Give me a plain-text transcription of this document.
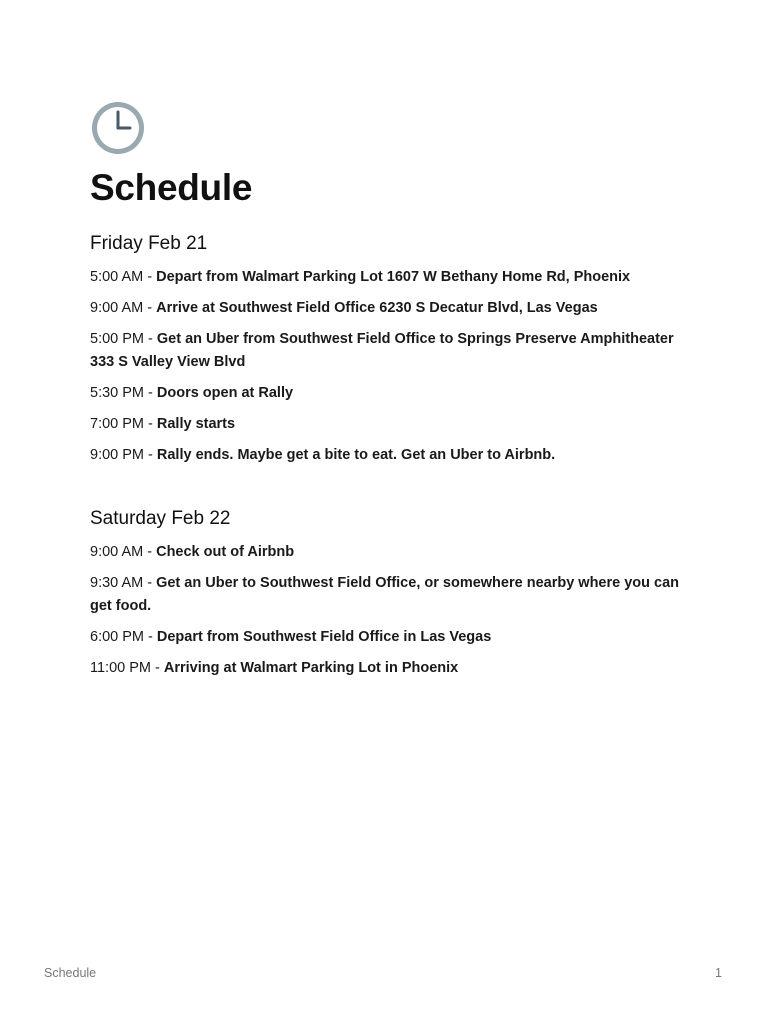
Schedule
Friday Feb 21

5:00 AM - Depart from Walmart Parking Lot 1607 W Bethany Home Rd, Phoenix

9:00 AM - Arrive at Southwest Field Office 6230 S Decatur Blvd, Las Vegas

5:00 PM - Get an Uber from Southwest Field Office to Springs Preserve Amphitheater 333 S Valley View Blvd

5:30 PM - Doors open at Rally

7:00 PM - Rally starts

9:00 PM - Rally ends. Maybe get a bite to eat. Get an Uber to Airbnb.

Saturday Feb 22

9:00 AM - Check out of Airbnb

9:30 AM - Get an Uber to Southwest Field Office, or somewhere nearby where you can get food.

6:00 PM - Depart from Southwest Field Office in Las Vegas

11:00 PM - Arriving at Walmart Parking Lot in Phoenix

Schedule	1
